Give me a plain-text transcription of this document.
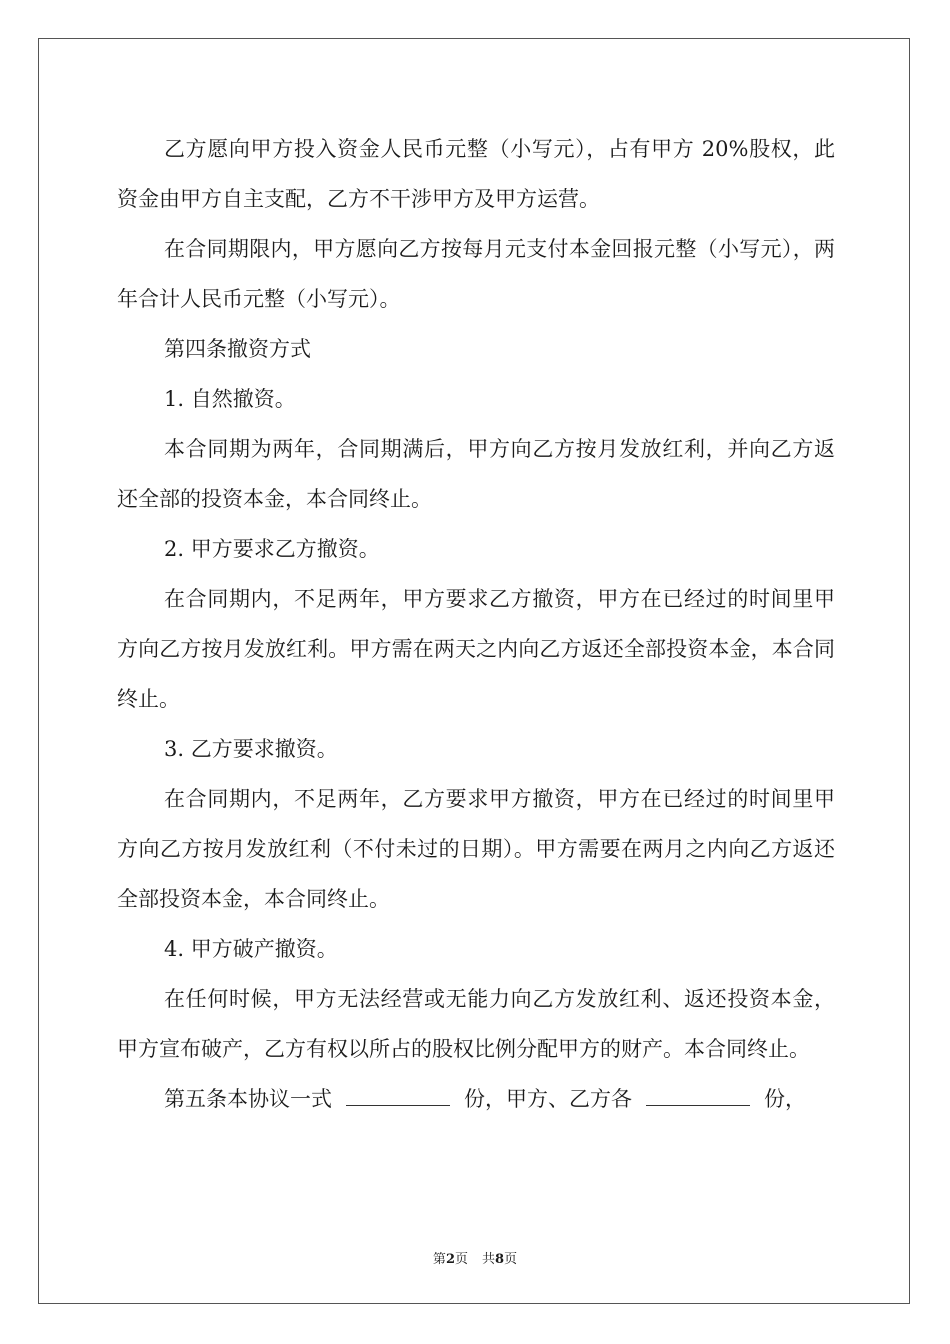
乙方愿向甲方投入资金人民币元整（小写元），占有甲方 20%股权，此资金由甲方自主支配，乙方不干涉甲方及甲方运营。

在合同期限内，甲方愿向乙方按每月元支付本金回报元整（小写元），两年合计人民币元整（小写元）。

第四条撤资方式

1. 自然撤资。

本合同期为两年，合同期满后，甲方向乙方按月发放红利，并向乙方返还全部的投资本金，本合同终止。

2. 甲方要求乙方撤资。

在合同期内，不足两年，甲方要求乙方撤资，甲方在已经过的时间里甲方向乙方按月发放红利。甲方需在两天之内向乙方返还全部投资本金，本合同终止。

3. 乙方要求撤资。

在合同期内，不足两年，乙方要求甲方撤资，甲方在已经过的时间里甲方向乙方按月发放红利（不付未过的日期）。甲方需要在两月之内向乙方返还全部投资本金，本合同终止。

4. 甲方破产撤资。

在任何时候，甲方无法经营或无能力向乙方发放红利、返还投资本金，甲方宣布破产，乙方有权以所占的股权比例分配甲方的财产。本合同终止。

第五条本协议一式	份，甲方、乙方各	份，

第2页 共8页
